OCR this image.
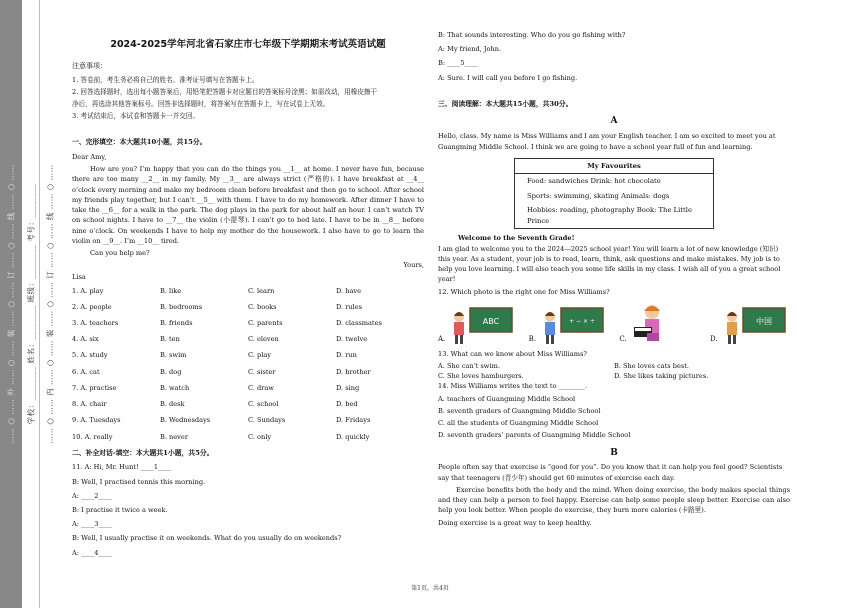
…… ○ …… 外 …… ○ …… 装 …… ○ …… 订 …… ○ …… 线 …… ○ …… 学校：________ 姓名：________ 班级：________ 考号：________ …… ○ …… 内 …… ○ …… 装 …… ○ …… 订 …… ○ …… 线 …… ○ ……
2024-2025学年河北省石家庄市七年级下学期期末考试英语试题
注意事项：
1. 答卷前，考生务必将自己的姓名、准考证号填写在答题卡上。
2. 回答选择题时，选出每小题答案后，用铅笔把答题卡对应题目的答案标号涂黑；如需改动，用橡皮擦干
净后，再选涂其他答案标号。回答非选择题时，将答案写在答题卡上，写在试卷上无效。
3. 考试结束后，本试卷和答题卡一并交回。
一、完形填空：本大题共10小题，共15分。
Dear Amy,
How are you? I’m happy that you can do the things you __1__ at home. I never have fun, because there are too many __2__ in my family. My __3__ are always strict (严格的). I have breakfast at __4__ o’clock every morning and make my bedroom clean before breakfast and then go to school. After school my friends play together, but I can’t __5__ with them. I have to do my homework. After dinner I have to take the __6__ for a walk in the park. The dog plays in the park for about half an hour. I can’t watch TV on school nights. I have to __7__ the violin (小提琴). I can’t go to bed late. I have to be in __8__ before nine o’clock. On weekends I have to help my mother do the housework. I also have to go to learn the violin on __9__. I’m __10__ tired.
Can you help me?
Yours,
Lisa
1. A. play	B. like	C. learn	D. have
2. A. people	B. bedrooms	C. books	D. rules
3. A. teachers	B. friends	C. parents	D. classmates
4. A. six	B. ten	C. eleven	D. twelve
5. A. study	B. swim	C. play	D. run
6. A. cat	B. dog	C. sister	D. brother
7. A. practise	B. watch	C. draw	D. sing
8. A. chair	B. desk	C. school	D. bed
9. A. Tuesdays	B. Wednesdays	C. Sundays	D. Fridays
10. A. really	B. never	C. only	D. quickly
二、补全对话-填空：本大题共1小题，共5分。
11. A: Hi, Mr. Hunt! ____1____
B: Well, I practised tennis this morning.
A: ____2____
B: I practise it twice a week.
A: ____3____
B: Well, I usually practise it on weekends. What do you usually do on weekends?
A: ____4____
B: That sounds interesting. Who do you go fishing with?
A: My friend, John.
B: ____5____
A: Sure. I will call you before I go fishing.
三、阅读理解：本大题共15小题，共30分。
A
Hello, class. My name is Miss Williams and I am your English teacher. I am so excited to meet you at Guangming Middle School. I think we are going to have a school year full of fun and learning.
My Favourites
Food: sandwiches Drink: hot chocolate
Sports: swimming, skating Animals: dogs
Hobbies: reading, photography Book: The Little Prince
Welcome to the Seventh Grade!
I am glad to welcome you to the 2024—2025 school year! You will learn a lot of new knowledge (知识) this year. As a student, your job is to read, learn, think, ask questions and make mistakes. My job is to help you love learning. I will also teach you some life skills in my class. I wish all of you a great school year!
12. Which photo is the right one for Miss Williams?
A.
ABC
B.
+ − × ÷
C.	D.
中国
13. What can we know about Miss Williams?
A. She can’t swim.	B. She loves cats best.
C. She loves hamburgers.	D. She likes taking pictures.
14. Miss Williams writes the text to ________.
A. teachers of Guangming Middle School
B. seventh graders of Guangming Middle School
C. all the students of Guangming Middle School
D. seventh graders’ parents of Guangming Middle School
B
People often say that exercise is “good for you”. Do you know that it can help you feel good? Scientists say that teenagers (青少年) should get 60 minutes of exercise each day.
Exercise benefits both the body and the mind. When doing exercise, the body makes special things and they can help a person to feel happy. Exercise can help some people sleep better. Exercise can also help you look better. When people do exercise, they burn more calories (卡路里).
Doing exercise is a great way to keep healthy.
第1页，共4页
